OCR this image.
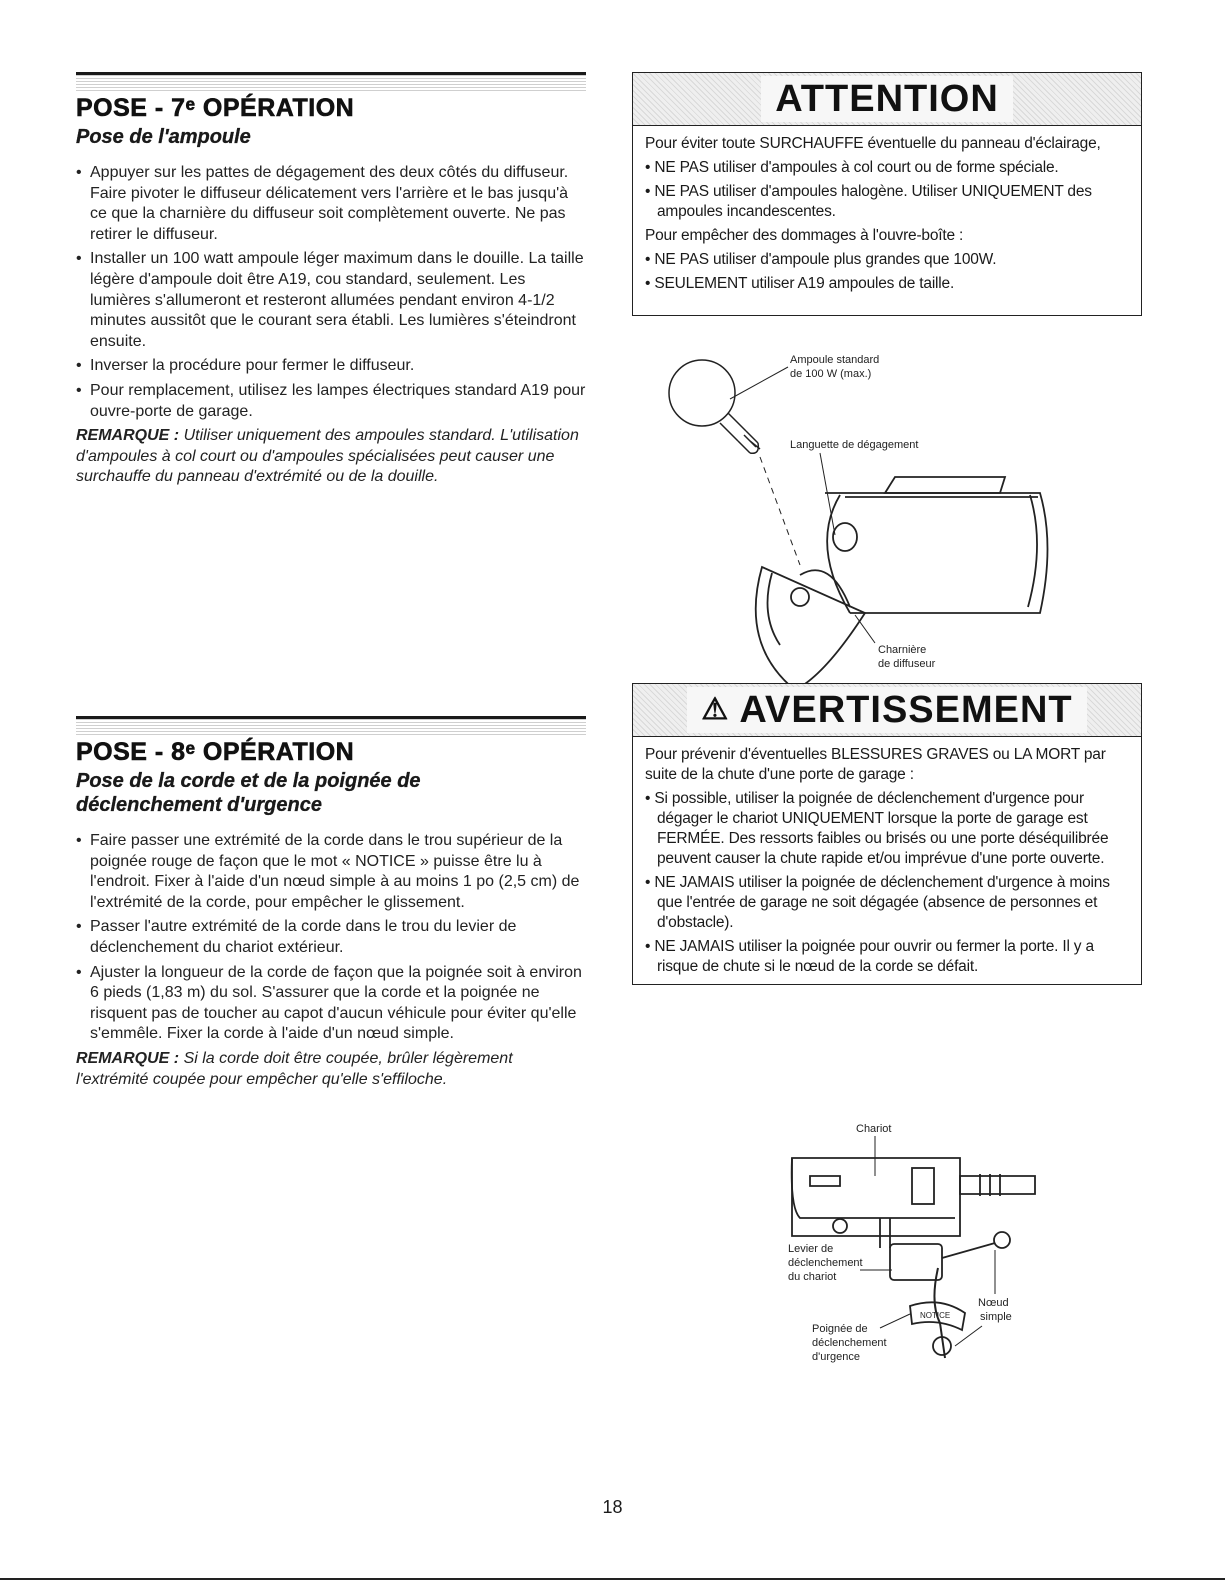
POSE - 7ᵉ OPÉRATION
Pose de l'ampoule
• Appuyer sur les pattes de dégagement des deux côtés du diffuseur. Faire pivoter le diffuseur délicatement vers l'arrière et le bas jusqu'à ce que la charnière du diffuseur soit complètement ouverte. Ne pas retirer le diffuseur.
• Installer un 100 watt ampoule léger maximum dans le douille. La taille légère d'ampoule doit être A19, cou standard, seulement. Les lumières s'allumeront et resteront allumées pendant environ 4-1/2 minutes aussitôt que le courant sera établi. Les lumières s'éteindront ensuite.
• Inverser la procédure pour fermer le diffuseur.
• Pour remplacement, utilisez les lampes électriques standard A19 pour ouvre-porte de garage.
REMARQUE : Utiliser uniquement des ampoules standard. L'utilisation d'ampoules à col court ou d'ampoules spécialisées peut causer une surchauffe du panneau d'extrémité ou de la douille.
ATTENTION

Pour éviter toute SURCHAUFFE éventuelle du panneau d'éclairage,

• NE PAS utiliser d'ampoules à col court ou de forme spéciale.

• NE PAS utiliser d'ampoules halogène. Utiliser UNIQUEMENT des ampoules incandescentes.

Pour empêcher des dommages à l'ouvre-boîte :

• NE PAS utiliser d'ampoule plus grandes que 100W.

• SEULEMENT utiliser A19 ampoules de taille.

Ampoule standard
de 100 W (max.)
Languette de dégagement
Charnière
de diffuseur
POSE - 8ᵉ OPÉRATION
Pose de la corde et de la poignée de déclenchement d'urgence
• Faire passer une extrémité de la corde dans le trou supérieur de la poignée rouge de façon que le mot « NOTICE » puisse être lu à l'endroit. Fixer à l'aide d'un nœud simple à au moins 1 po (2,5 cm) de l'extrémité de la corde, pour empêcher le glissement.
• Passer l'autre extrémité de la corde dans le trou du levier de déclenchement du chariot extérieur.
• Ajuster la longueur de la corde de façon que la poignée soit à environ 6 pieds (1,83 m) du sol. S'assurer que la corde et la poignée ne risquent pas de toucher au capot d'aucun véhicule pour éviter qu'elle s'emmêle. Fixer la corde à l'aide d'un nœud simple.
REMARQUE : Si la corde doit être coupée, brûler légèrement l'extrémité coupée pour empêcher qu'elle s'effiloche.
⚠ AVERTISSEMENT

Pour prévenir d'éventuelles BLESSURES GRAVES ou LA MORT par suite de la chute d'une porte de garage :

• Si possible, utiliser la poignée de déclenchement d'urgence pour dégager le chariot UNIQUEMENT lorsque la porte de garage est FERMÉE. Des ressorts faibles ou brisés ou une porte déséquilibrée peuvent causer la chute rapide et/ou imprévue d'une porte ouverte.

• NE JAMAIS utiliser la poignée de déclenchement d'urgence à moins que l'entrée de garage ne soit dégagée (absence de personnes et d'obstacle).

• NE JAMAIS utiliser la poignée pour ouvrir ou fermer la porte. Il y a risque de chute si le nœud de la corde se défait.

Chariot
NOTICE
Levier de
déclenchement
du chariot
Nœud
simple
Poignée de
déclenchement
d'urgence
18
